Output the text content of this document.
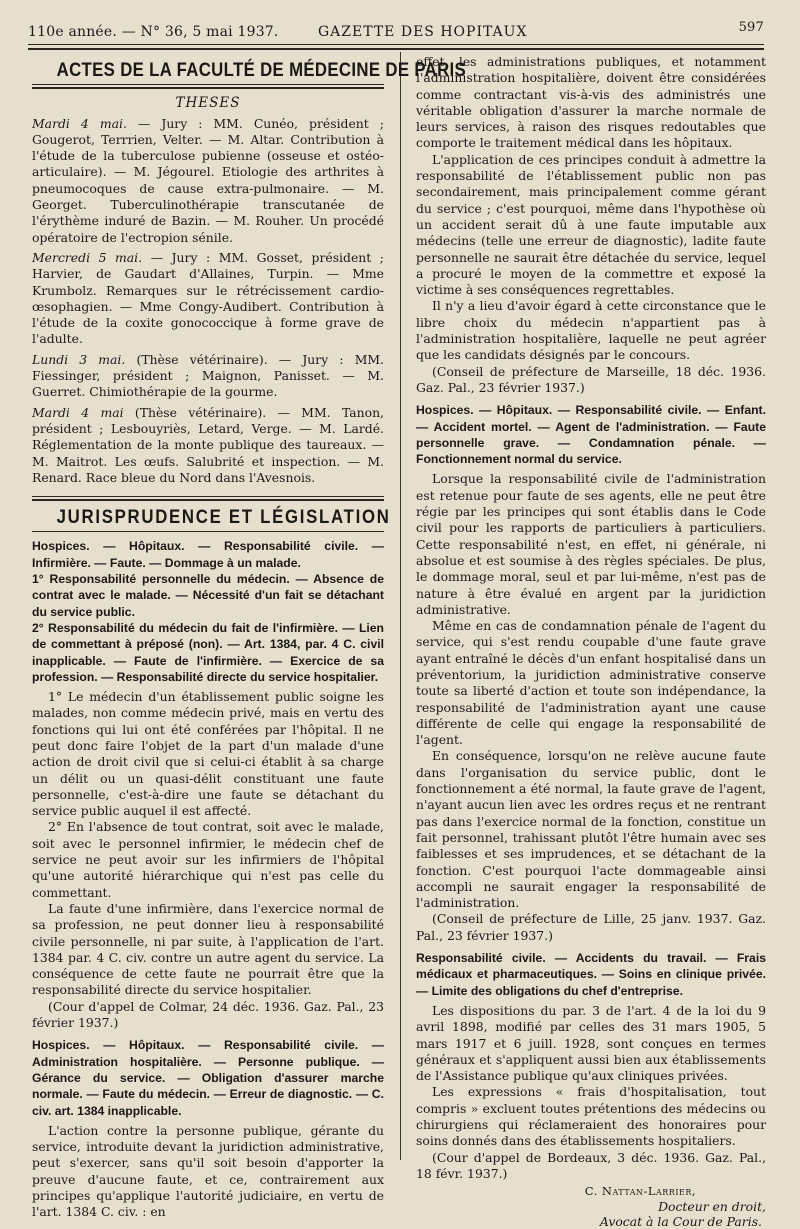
110e année. — N° 36, 5 mai 1937.	GAZETTE DES HOPITAUX	597
ACTES DE LA FACULTÉ DE MÉDECINE DE PARIS
THESES

Mardi 4 mai. — Jury : MM. Cunéo, président ; Gougerot, Terrrien, Velter. — M. Altar. Contribution à l'étude de la tuberculose pubienne (osseuse et ostéo-articulaire). — M. Jégourel. Etiologie des arthrites à pneumocoques de cause extra-pulmonaire. — M. Georget. Tuberculinothérapie transcutanée de l'érythème induré de Bazin. — M. Rouher. Un procédé opératoire de l'ectropion sénile.

Mercredi 5 mai. — Jury : MM. Gosset, président ; Harvier, de Gaudart d'Allaines, Turpin. — Mme Krumbolz. Remarques sur le rétrécissement cardio-œsophagien. — Mme Congy-Audibert. Contribution à l'étude de la coxite gonococcique à forme grave de l'adulte.

Lundi 3 mai. (Thèse vétérinaire). — Jury : MM. Fiessinger, président ; Maignon, Panisset. — M. Guerret. Chimiothérapie de la gourme.

Mardi 4 mai (Thèse vétérinaire). — MM. Tanon, président ; Lesbouyriès, Letard, Verge. — M. Lardé. Réglementation de la monte publique des taureaux. — M. Maitrot. Les œufs. Salubrité et inspection. — M. Renard. Race bleue du Nord dans l'Avesnois.

JURISPRUDENCE ET LÉGISLATION
Hospices. — Hôpitaux. — Responsabilité civile. — Infirmière. — Faute. — Dommage à un malade.
1° Responsabilité personnelle du médecin. — Absence de contrat avec le malade. — Nécessité d'un fait se détachant du service public.
2° Responsabilité du médecin du fait de l'infirmière. — Lien de commettant à préposé (non). — Art. 1384, par. 4 C. civil inapplicable. — Faute de l'infirmière. — Exercice de sa profession. — Responsabilité directe du service hospitalier.

1° Le médecin d'un établissement public soigne les malades, non comme médecin privé, mais en vertu des fonctions qui lui ont été conférées par l'hôpital. Il ne peut donc faire l'objet de la part d'un malade d'une action de droit civil que si celui-ci établit à sa charge un délit ou un quasi-délit constituant une faute personnelle, c'est-à-dire une faute se détachant du service public auquel il est affecté.

2° En l'absence de tout contrat, soit avec le malade, soit avec le personnel infirmier, le médecin chef de service ne peut avoir sur les infirmiers de l'hôpital qu'une autorité hiérarchique qui n'est pas celle du commettant.

La faute d'une infirmière, dans l'exercice normal de sa profession, ne peut donner lieu à responsabilité civile personnelle, ni par suite, à l'application de l'art. 1384 par. 4 C. civ. contre un autre agent du service. La conséquence de cette faute ne pourrait être que la responsabilité directe du service hospitalier.

(Cour d'appel de Colmar, 24 déc. 1936. Gaz. Pal., 23 février 1937.)

Hospices. — Hôpitaux. — Responsabilité civile. — Administration hospitalière. — Personne publique. — Gérance du service. — Obligation d'assurer marche normale. — Faute du médecin. — Erreur de diagnostic. — C. civ. art. 1384 inapplicable.

L'action contre la personne publique, gérante du service, introduite devant la juridiction administrative, peut s'exercer, sans qu'il soit besoin d'apporter la preuve d'aucune faute, et ce, contrairement aux principes qu'applique l'autorité judiciaire, en vertu de l'art. 1384 C. civ. : en

effet, les administrations publiques, et notamment l'administration hospitalière, doivent être considérées comme contractant vis-à-vis des administrés une véritable obligation d'assurer la marche normale de leurs services, à raison des risques redoutables que comporte le traitement médical dans les hôpitaux.

L'application de ces principes conduit à admettre la responsabilité de l'établissement public non pas secondairement, mais principalement comme gérant du service ; c'est pourquoi, même dans l'hypothèse où un accident serait dû à une faute imputable aux médecins (telle une erreur de diagnostic), ladite faute personnelle ne saurait être détachée du service, lequel a procuré le moyen de la commettre et exposé la victime à ses conséquences regrettables.

Il n'y a lieu d'avoir égard à cette circonstance que le libre choix du médecin n'appartient pas à l'administration hospitalière, laquelle ne peut agréer que les candidats désignés par le concours.

(Conseil de préfecture de Marseille, 18 déc. 1936. Gaz. Pal., 23 février 1937.)

Hospices. — Hôpitaux. — Responsabilité civile. — Enfant. — Accident mortel. — Agent de l'administration. — Faute personnelle grave. — Condamnation pénale. — Fonctionnement normal du service.

Lorsque la responsabilité civile de l'administration est retenue pour faute de ses agents, elle ne peut être régie par les principes qui sont établis dans le Code civil pour les rapports de particuliers à particuliers. Cette responsabilité n'est, en effet, ni générale, ni absolue et est soumise à des règles spéciales. De plus, le dommage moral, seul et par lui-même, n'est pas de nature à être évalué en argent par la juridiction administrative.

Même en cas de condamnation pénale de l'agent du service, qui s'est rendu coupable d'une faute grave ayant entraîné le décès d'un enfant hospitalisé dans un préventorium, la juridiction administrative conserve toute sa liberté d'action et toute son indépendance, la responsabilité de l'administration ayant une cause différente de celle qui engage la responsabilité de l'agent.

En conséquence, lorsqu'on ne relève aucune faute dans l'organisation du service public, dont le fonctionnement a été normal, la faute grave de l'agent, n'ayant aucun lien avec les ordres reçus et ne rentrant pas dans l'exercice normal de la fonction, constitue un fait personnel, trahissant plutôt l'être humain avec ses faiblesses et ses imprudences, et se détachant de la fonction. C'est pourquoi l'acte dommageable ainsi accompli ne saurait engager la responsabilité de l'administration.

(Conseil de préfecture de Lille, 25 janv. 1937. Gaz. Pal., 23 février 1937.)

Responsabilité civile. — Accidents du travail. — Frais médicaux et pharmaceutiques. — Soins en clinique privée. — Limite des obligations du chef d'entreprise.

Les dispositions du par. 3 de l'art. 4 de la loi du 9 avril 1898, modifié par celles des 31 mars 1905, 5 mars 1917 et 6 juill. 1928, sont conçues en termes généraux et s'appliquent aussi bien aux établissements de l'Assistance publique qu'aux cliniques privées.

Les expressions « frais d'hospitalisation, tout compris » excluent toutes prétentions des médecins ou chirurgiens qui réclameraient des honoraires pour soins donnés dans des établissements hospitaliers.

(Cour d'appel de Bordeaux, 3 déc. 1936. Gaz. Pal., 18 févr. 1937.)

C. Nattan-Larrier,
Docteur en droit,
Avocat à la Cour de Paris.
